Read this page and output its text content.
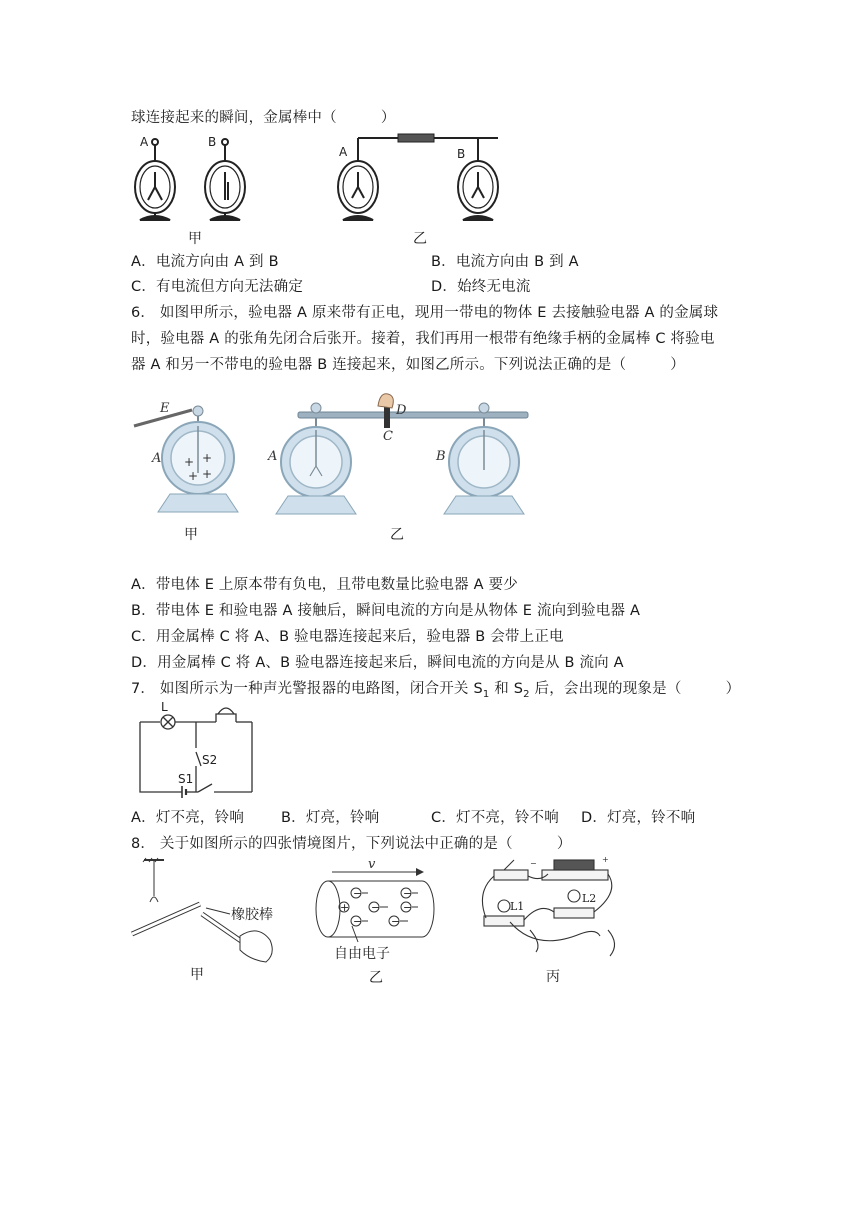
球连接起来的瞬间，金属棒中（　　　）
A	B
甲
A	B
乙
A．电流方向由 A 到 B	B．电流方向由 B 到 A
C．有电流但方向无法确定	D．始终无电流
6． 如图甲所示，验电器 A 原来带有正电，现用一带电的物体 E 去接触验电器 A 的金属球
时，验电器 A 的张角先闭合后张开。接着，我们再用一根带有绝缘手柄的金属棒 C 将验电
器 A 和另一不带电的验电器 B 连接起来，如图乙所示。下列说法正确的是（　　　）
+ +
+ +
E
A
甲
A	B
C
D
乙
A．带电体 E 上原本带有负电，且带电数量比验电器 A 要少
B．带电体 E 和验电器 A 接触后，瞬间电流的方向是从物体 E 流向到验电器 A
C．用金属棒 C 将 A、B 验电器连接起来后，验电器 B 会带上正电
D．用金属棒 C 将 A、B 验电器连接起来后，瞬间电流的方向是从 B 流向 A
7． 如图所示为一种声光警报器的电路图，闭合开关 $S_1$ 和 $S_2$ 后，会出现的现象是（　　　）
L
S2
S1
A．灯不亮，铃响	B．灯亮，铃响	C．灯不亮，铃不响 D．灯亮，铃不响
8． 关于如图所示的四张情境图片，下列说法中正确的是（　　　）
橡胶棒
甲
v
+
−
−
−
−
−
−
自由电子
乙
−	+
L1
L2
丙
